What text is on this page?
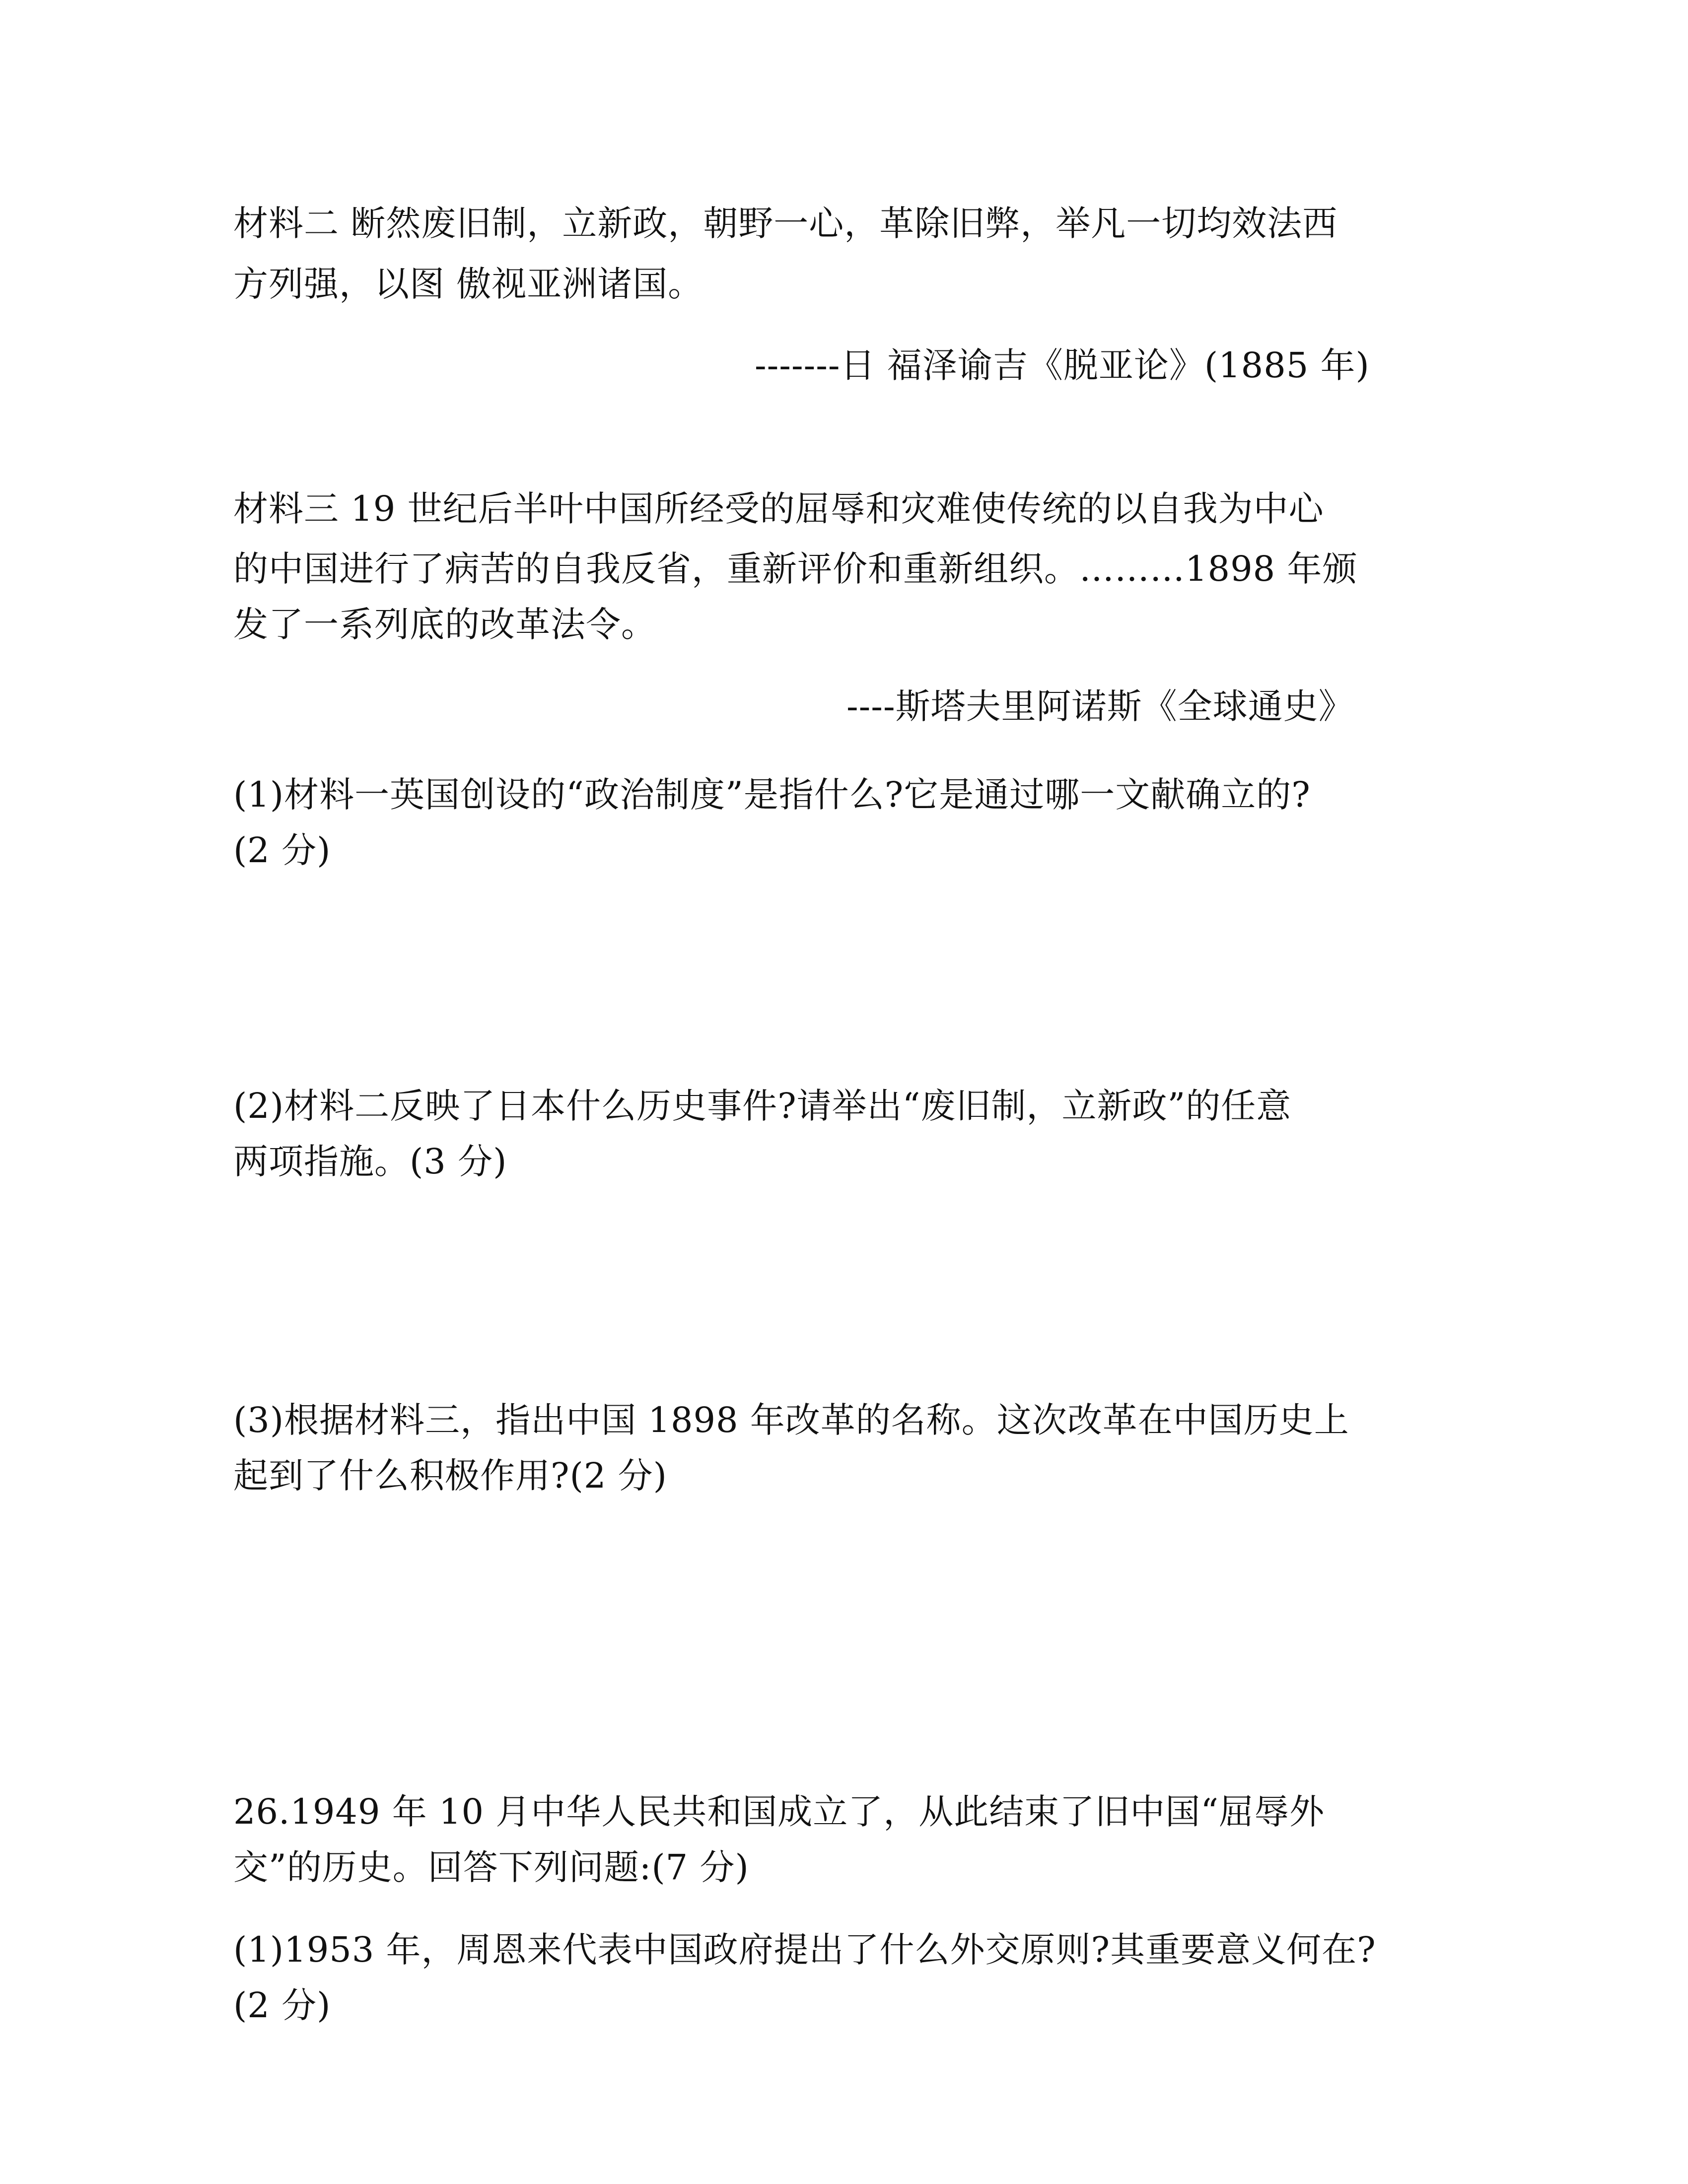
材料二 断然废旧制，立新政，朝野一心，革除旧弊，举凡一切均效法西
方列强，以图 傲视亚洲诸国。
-------日 福泽谕吉《脱亚论》(1885 年)
材料三 19 世纪后半叶中国所经受的屈辱和灾难使传统的以自我为中心
的中国进行了病苦的自我反省，重新评价和重新组织。………1898 年颁
发了一系列底的改革法令。
----斯塔夫里阿诺斯《全球通史》
(1)材料一英国创设的“政治制度”是指什么?它是通过哪一文献确立的?
(2 分)
(2)材料二反映了日本什么历史事件?请举出“废旧制，立新政”的任意
两项指施。(3 分)
(3)根据材料三，指出中国 1898 年改革的名称。这次改革在中国历史上
起到了什么积极作用?(2 分)
26.1949 年 10 月中华人民共和国成立了，从此结束了旧中国“屈辱外
交”的历史。回答下列问题:(7 分)
(1)1953 年，周恩来代表中国政府提出了什么外交原则?其重要意义何在?
(2 分)
